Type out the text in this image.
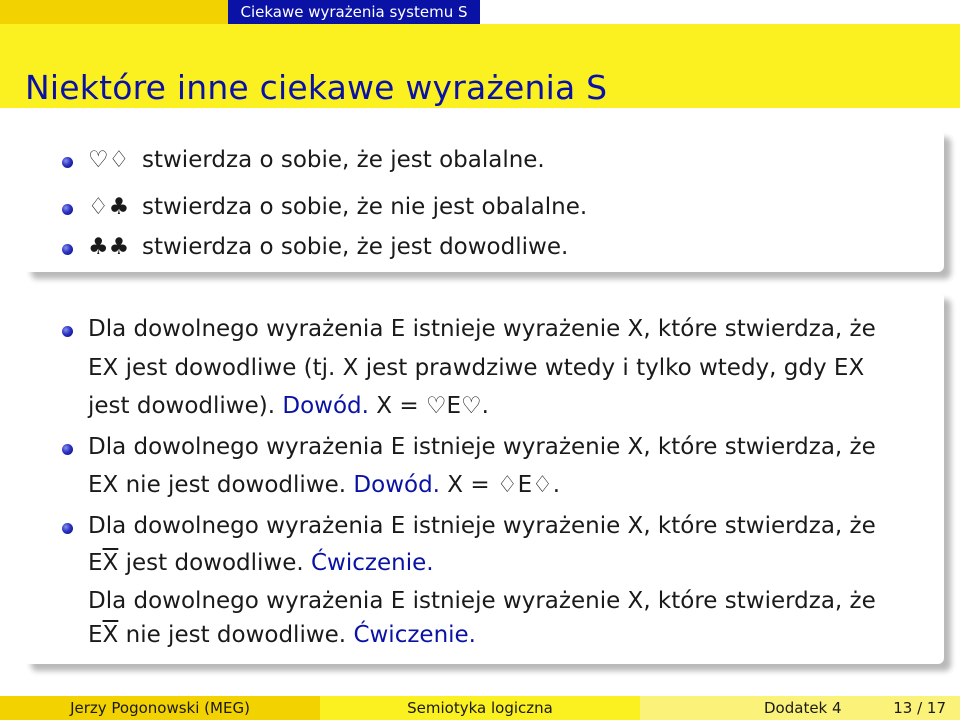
Ciekawe wyrażenia systemu S
Niektóre inne ciekawe wyrażenia S
♡♢ stwierdza o sobie, że jest obalalne.
♢♣ stwierdza o sobie, że nie jest obalalne.
♣♣ stwierdza o sobie, że jest dowodliwe.
Dla dowolnego wyrażenia E istnieje wyrażenie X, które stwierdza, że
EX jest dowodliwe (tj. X jest prawdziwe wtedy i tylko wtedy, gdy EX
jest dowodliwe). Dowód. X = ♡E♡.
Dla dowolnego wyrażenia E istnieje wyrażenie X, które stwierdza, że
EX nie jest dowodliwe. Dowód. X = ♢E♢.
Dla dowolnego wyrażenia E istnieje wyrażenie X, które stwierdza, że
$E\overline{X}$ jest dowodliwe. Ćwiczenie.
Dla dowolnego wyrażenia E istnieje wyrażenie X, które stwierdza, że
$E\overline{X}$ nie jest dowodliwe. Ćwiczenie.
Jerzy Pogonowski (MEG)	Semiotyka logiczna	Dodatek 4	13 / 17
